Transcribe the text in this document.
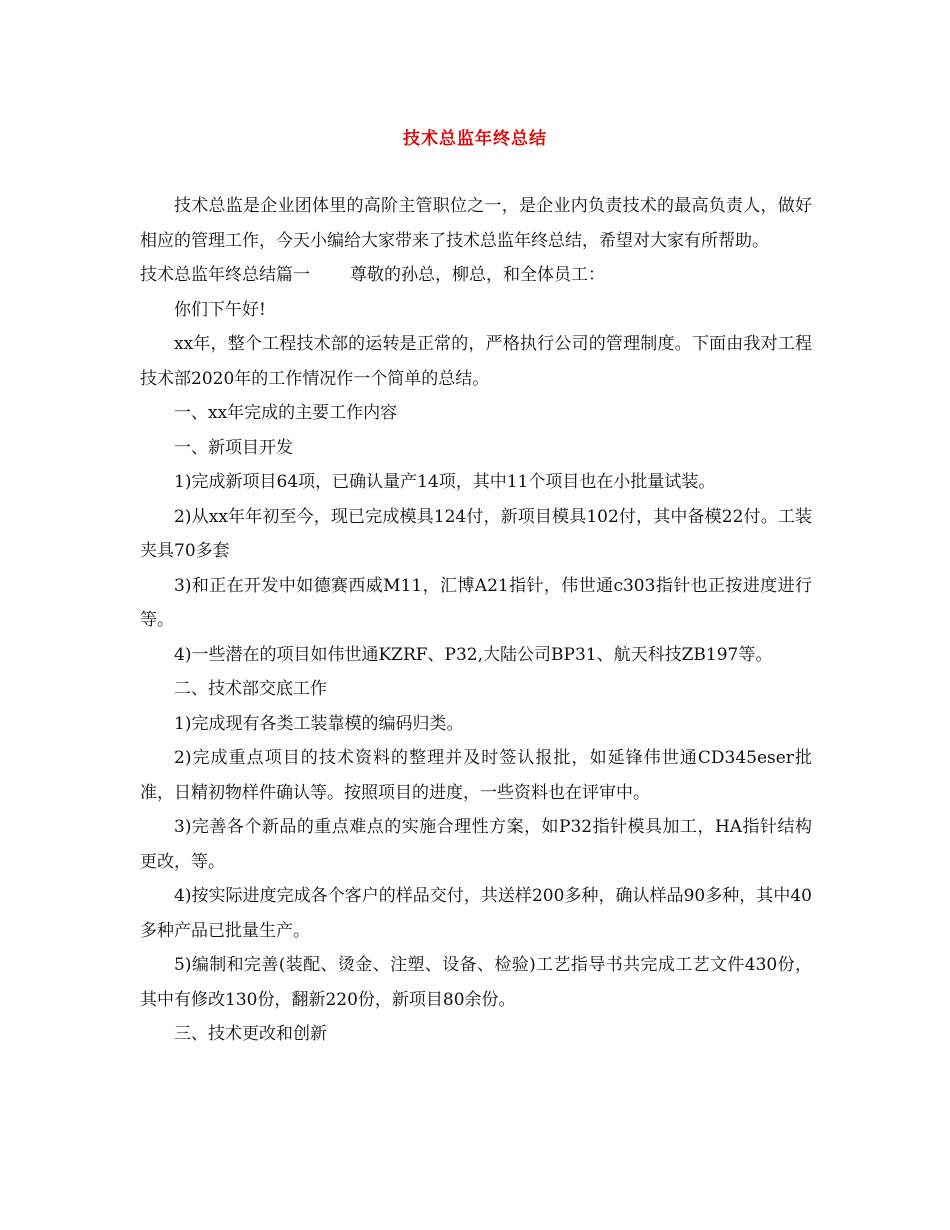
技术总监年终总结

技术总监是企业团体里的高阶主管职位之一，是企业内负责技术的最高负责人，做好相应的管理工作，今天小编给大家带来了技术总监年终总结，希望对大家有所帮助。

技术总监年终总结篇一 尊敬的孙总，柳总，和全体员工：

你们下午好!

xx年，整个工程技术部的运转是正常的，严格执行公司的管理制度。下面由我对工程技术部2020年的工作情况作一个简单的总结。

一、xx年完成的主要工作内容

一、新项目开发

1)完成新项目64项，已确认量产14项，其中11个项目也在小批量试装。

2)从xx年年初至今，现已完成模具124付，新项目模具102付，其中备模22付。工装夹具70多套

3)和正在开发中如德赛西威M11，汇博A21指针，伟世通c303指针也正按进度进行等。

4)一些潜在的项目如伟世通KZRF、P32,大陆公司BP31、航天科技ZB197等。

二、技术部交底工作

1)完成现有各类工装靠模的编码归类。

2)完成重点项目的技术资料的整理并及时签认报批，如延锋伟世通CD345eser批准，日精初物样件确认等。按照项目的进度，一些资料也在评审中。

3)完善各个新品的重点难点的实施合理性方案，如P32指针模具加工，HA指针结构更改，等。

4)按实际进度完成各个客户的样品交付，共送样200多种，确认样品90多种，其中40多种产品已批量生产。

5)编制和完善(装配、烫金、注塑、设备、检验)工艺指导书共完成工艺文件430份，其中有修改130份，翻新220份，新项目80余份。

三、技术更改和创新
